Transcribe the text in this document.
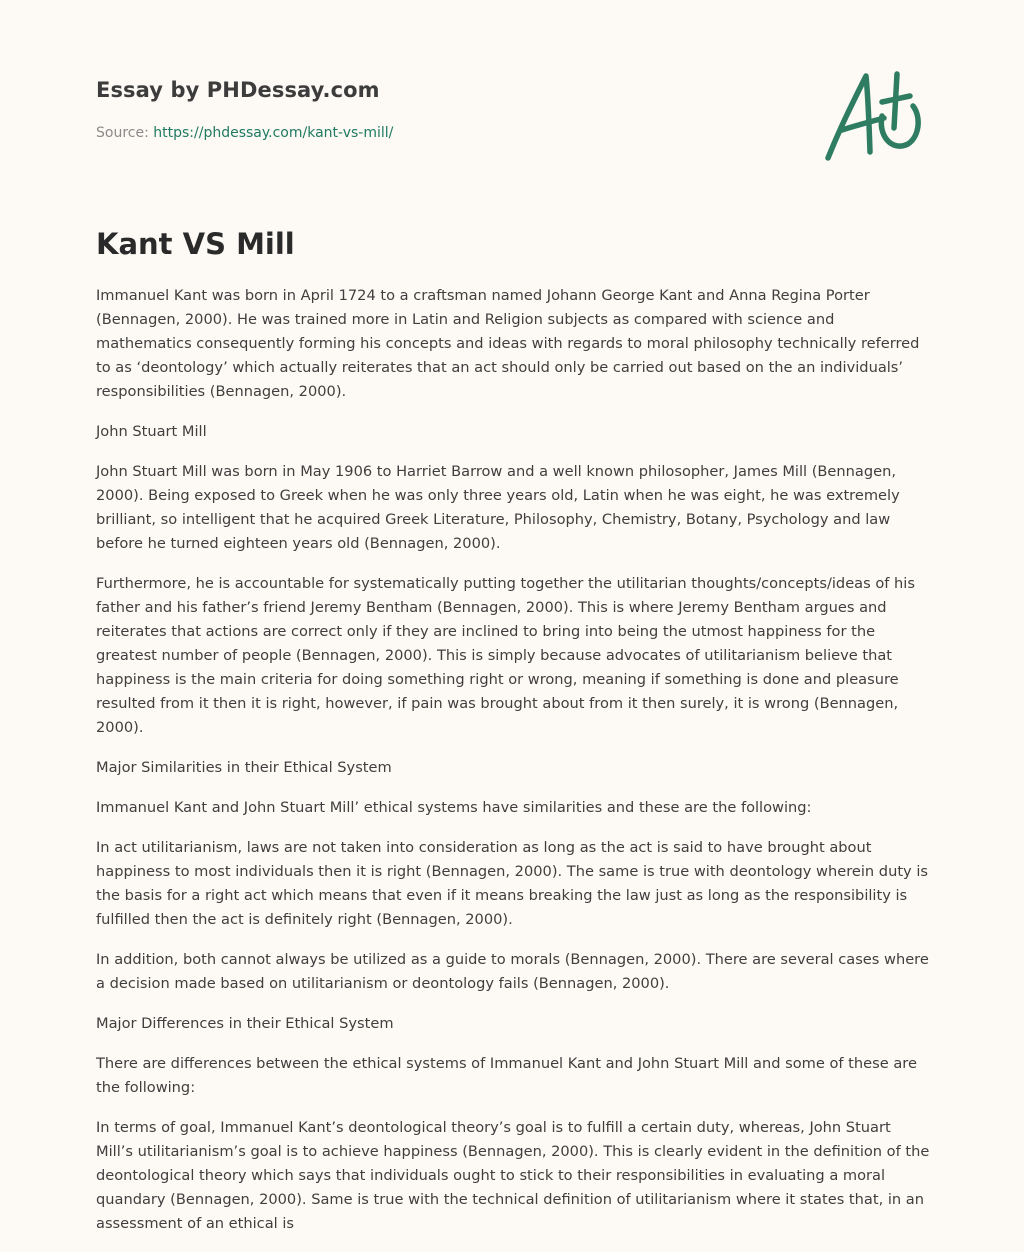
Essay by PHDessay.com

Source: https://phdessay.com/kant-vs-mill/
Kant VS Mill

Immanuel Kant was born in April 1724 to a craftsman named Johann George Kant and Anna Regina Porter (Bennagen, 2000). He was trained more in Latin and Religion subjects as compared with science and mathematics consequently forming his concepts and ideas with regards to moral philosophy technically referred to as ‘deontology’ which actually reiterates that an act should only be carried out based on the an individuals’ responsibilities (Bennagen, 2000).

John Stuart Mill

John Stuart Mill was born in May 1906 to Harriet Barrow and a well known philosopher, James Mill (Bennagen, 2000). Being exposed to Greek when he was only three years old, Latin when he was eight, he was extremely brilliant, so intelligent that he acquired Greek Literature, Philosophy, Chemistry, Botany, Psychology and law before he turned eighteen years old (Bennagen, 2000).

Furthermore, he is accountable for systematically putting together the utilitarian thoughts/concepts/ideas of his father and his father’s friend Jeremy Bentham (Bennagen, 2000). This is where Jeremy Bentham argues and reiterates that actions are correct only if they are inclined to bring into being the utmost happiness for the greatest number of people (Bennagen, 2000). This is simply because advocates of utilitarianism believe that happiness is the main criteria for doing something right or wrong, meaning if something is done and pleasure resulted from it then it is right, however, if pain was brought about from it then surely, it is wrong (Bennagen, 2000).

Major Similarities in their Ethical System

Immanuel Kant and John Stuart Mill’ ethical systems have similarities and these are the following:

In act utilitarianism, laws are not taken into consideration as long as the act is said to have brought about happiness to most individuals then it is right (Bennagen, 2000). The same is true with deontology wherein duty is the basis for a right act which means that even if it means breaking the law just as long as the responsibility is fulfilled then the act is definitely right (Bennagen, 2000).

In addition, both cannot always be utilized as a guide to morals (Bennagen, 2000). There are several cases where a decision made based on utilitarianism or deontology fails (Bennagen, 2000).

Major Differences in their Ethical System

There are differences between the ethical systems of Immanuel Kant and John Stuart Mill and some of these are the following:

In terms of goal, Immanuel Kant’s deontological theory’s goal is to fulfill a certain duty, whereas, John Stuart Mill’s utilitarianism’s goal is to achieve happiness (Bennagen, 2000). This is clearly evident in the definition of the deontological theory which says that individuals ought to stick to their responsibilities in evaluating a moral quandary (Bennagen, 2000). Same is true with the technical definition of utilitarianism where it states that, in an assessment of an ethical is
